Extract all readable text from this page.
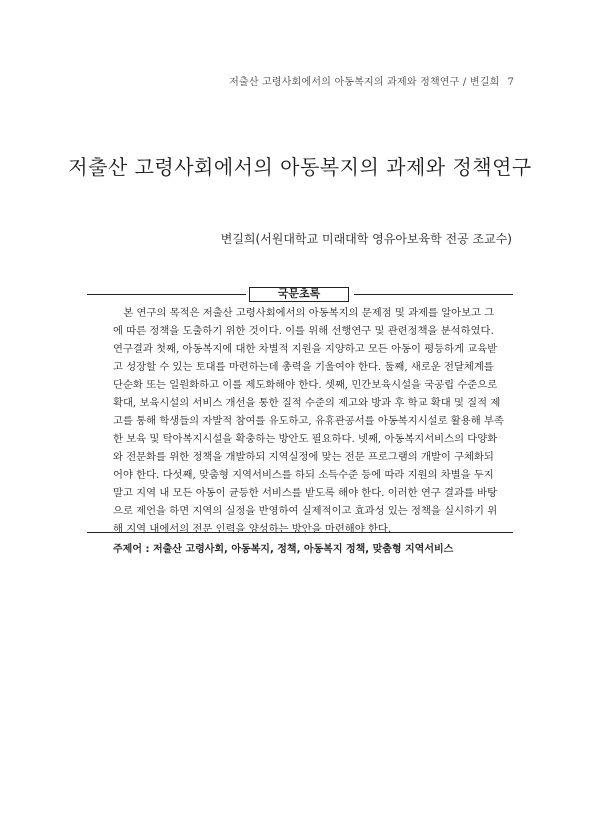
저출산 고령사회에서의 아동복지의 과제와 정책연구 / 변길희 7
저출산 고령사회에서의 아동복지의 과제와 정책연구
변길희(서원대학교 미래대학 영유아보육학 전공 조교수)
국문초록
　본 연구의 목적은 저출산 고령사회에서의 아동복지의 문제점 및 과제를 알아보고 그
에 따른 정책을 도출하기 위한 것이다. 이를 위해 선행연구 및 관련정책을 분석하였다.
연구결과 첫째, 아동복지에 대한 차별적 지원을 지양하고 모든 아동이 평등하게 교육받
고 성장할 수 있는 토대를 마련하는데 총력을 기울여야 한다. 둘째, 새로운 전달체계를
단순화 또는 일원화하고 이를 제도화해야 한다. 셋째, 민간보육시설을 국공립 수준으로
확대, 보육시설의 서비스 개선을 통한 질적 수준의 제고와 방과 후 학교 확대 및 질적 제
고를 통해 학생들의 자발적 참여를 유도하고, 유휴관공서를 아동복지시설로 활용해 부족
한 보육 및 탁아복지시설을 확충하는 방안도 필요하다. 넷째, 아동복지서비스의 다양화
와 전문화를 위한 정책을 개발하되 지역실정에 맞는 전문 프로그램의 개발이 구체화되
어야 한다. 다섯째, 맞춤형 지역서비스를 하되 소득수준 등에 따라 지원의 차별을 두지
말고 지역 내 모든 아동이 균등한 서비스를 받도록 해야 한다. 이러한 연구 결과를 바탕
으로 제언을 하면 지역의 실정을 반영하여 실제적이고 효과성 있는 정책을 실시하기 위
해 지역 내에서의 전문 인력을 양성하는 방안을 마련해야 한다.
주제어 : 저출산 고령사회, 아동복지, 정책, 아동복지 정책, 맞춤형 지역서비스
